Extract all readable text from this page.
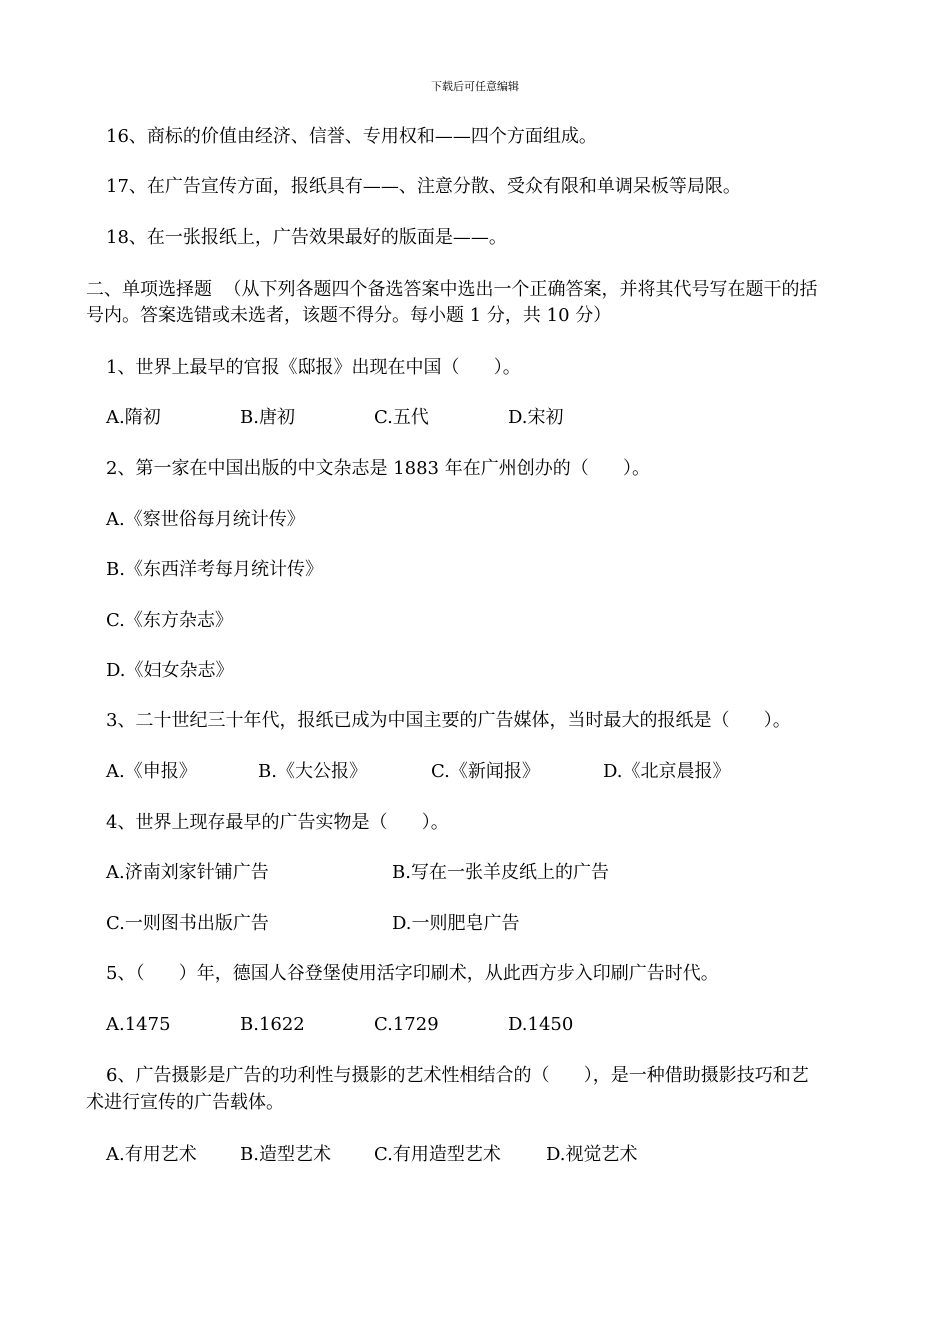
下载后可任意编辑
16、商标的价值由经济、信誉、专用权和——四个方面组成。
17、在广告宣传方面，报纸具有——、注意分散、受众有限和单调呆板等局限。
18、在一张报纸上，广告效果最好的版面是——。
二、单项选择题  （从下列各题四个备选答案中选出一个正确答案，并将其代号写在题干的括
号内。答案选错或未选者，该题不得分。每小题 1 分，共 10 分）
1、世界上最早的官报《邸报》出现在中国（      ）。
A.隋初	B.唐初	C.五代	D.宋初
2、第一家在中国出版的中文杂志是 1883 年在广州创办的（      ）。
A.《察世俗每月统计传》
B.《东西洋考每月统计传》
C.《东方杂志》
D.《妇女杂志》
3、二十世纪三十年代，报纸已成为中国主要的广告媒体，当时最大的报纸是（      ）。
A.《申报》	B.《大公报》	C.《新闻报》	D.《北京晨报》
4、世界上现存最早的广告实物是（      ）。
A.济南刘家针铺广告	B.写在一张羊皮纸上的广告
C.一则图书出版广告	D.一则肥皂广告
5、（      ）年，德国人谷登堡使用活字印刷术，从此西方步入印刷广告时代。
A.1475	B.1622	C.1729	D.1450
6、广告摄影是广告的功利性与摄影的艺术性相结合的（      ），是一种借助摄影技巧和艺
术进行宣传的广告载体。
A.有用艺术 B.造型艺术 C.有用造型艺术	D.视觉艺术
